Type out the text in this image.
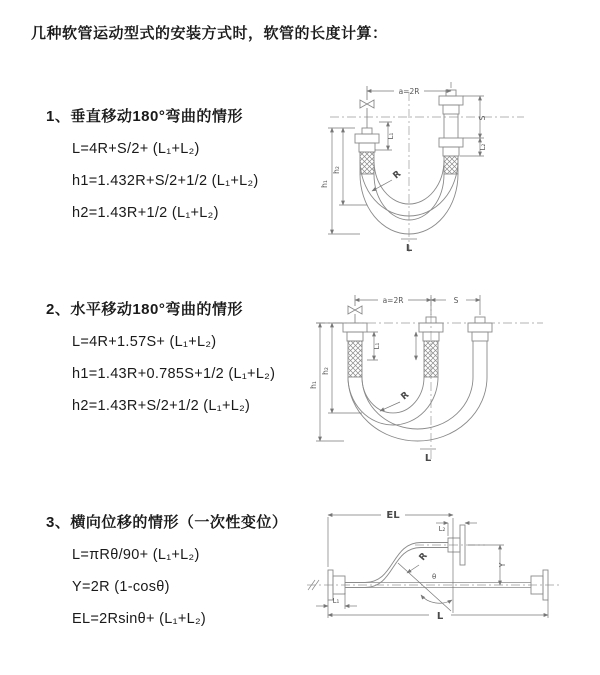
几种软管运动型式的安装方式时，软管的长度计算：
1、垂直移动180°弯曲的情形

L=4R+S/2+ (L₁+L₂)

h1=1.432R+S/2+1/2 (L₁+L₂)

h2=1.43R+1/2 (L₁+L₂)

2、水平移动180°弯曲的情形

L=4R+1.57S+ (L₁+L₂)

h1=1.43R+0.785S+1/2 (L₁+L₂)

h2=1.43R+S/2+1/2 (L₁+L₂)

3、横向位移的情形（一次性变位）

L=πRθ/90+ (L₁+L₂)

Y=2R (1-cosθ)

EL=2Rsinθ+ (L₁+L₂)

a=2R
h₁
h₂
L₁
S
L₂
R
L
a=2R	S
h₁
h₂
L₁
R
L
EL
L₂
Y
L
L₁
R
θ
